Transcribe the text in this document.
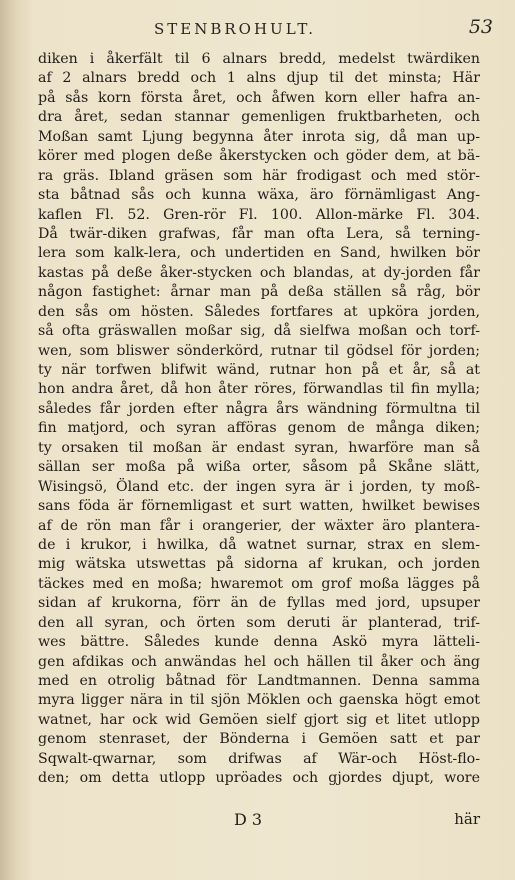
STENBROHULT.	53
diken i åkerfält til 6 alnars bredd, medelst twärdiken
af 2 alnars bredd och 1 alns djup til det minsta; Här
på sås korn första året, och åfwen korn eller hafra an-
dra året, sedan stannar gemenligen fruktbarheten, och
Moßan samt Ljung begynna åter inrota sig, då man up-
körer med plogen deße åkerstycken och göder dem, at bä-
ra gräs. Ibland gräsen som här frodigast och med stör-
sta båtnad sås och kunna wäxa, äro förnämligast Ang-
kaflen Fl. 52. Gren-rör Fl. 100. Allon-märke Fl. 304.
Då twär-diken grafwas, får man ofta Lera, så terning-
lera som kalk-lera, och undertiden en Sand, hwilken bör
kastas på deße åker-stycken och blandas, at dy-jorden får
någon fastighet: årnar man på deßa ställen så råg, bör
den sås om hösten. Således fortfares at upköra jorden,
så ofta gräswallen moßar sig, då sielfwa moßan och torf-
wen, som bliswer sönderkörd, rutnar til gödsel för jorden;
ty när torfwen blifwit wänd, rutnar hon på et år, så at
hon andra året, då hon åter röres, förwandlas til fin mylla;
således får jorden efter några års wändning förmultna til
fin matjord, och syran afföras genom de många diken;
ty orsaken til moßan är endast syran, hwarföre man så
sällan ser moßa på wißa orter, såsom på Skåne slätt,
Wisingsö, Öland etc. der ingen syra är i jorden, ty moß-
sans föda är förnemligast et surt watten, hwilket bewises
af de rön man får i orangerier, der wäxter äro plantera-
de i krukor, i hwilka, då watnet surnar, strax en slem-
mig wätska utswettas på sidorna af krukan, och jorden
täckes med en moßa; hwaremot om grof moßa lägges på
sidan af krukorna, förr än de fyllas med jord, upsuper
den all syran, och örten som deruti är planterad, trif-
wes bättre. Således kunde denna Askö myra lätteli-
gen afdikas och anwändas hel och hällen til åker och äng
med en otrolig båtnad för Landtmannen. Denna samma
myra ligger nära in til sjön Möklen och gaenska högt emot
watnet, har ock wid Gemöen sielf gjort sig et litet utlopp
genom stenraset, der Bönderna i Gemöen satt et par
Sqwalt-qwarnar, som drifwas af Wär-och Höst-flo-
den; om detta utlopp upröades och gjordes djupt, wore
D 3	här
